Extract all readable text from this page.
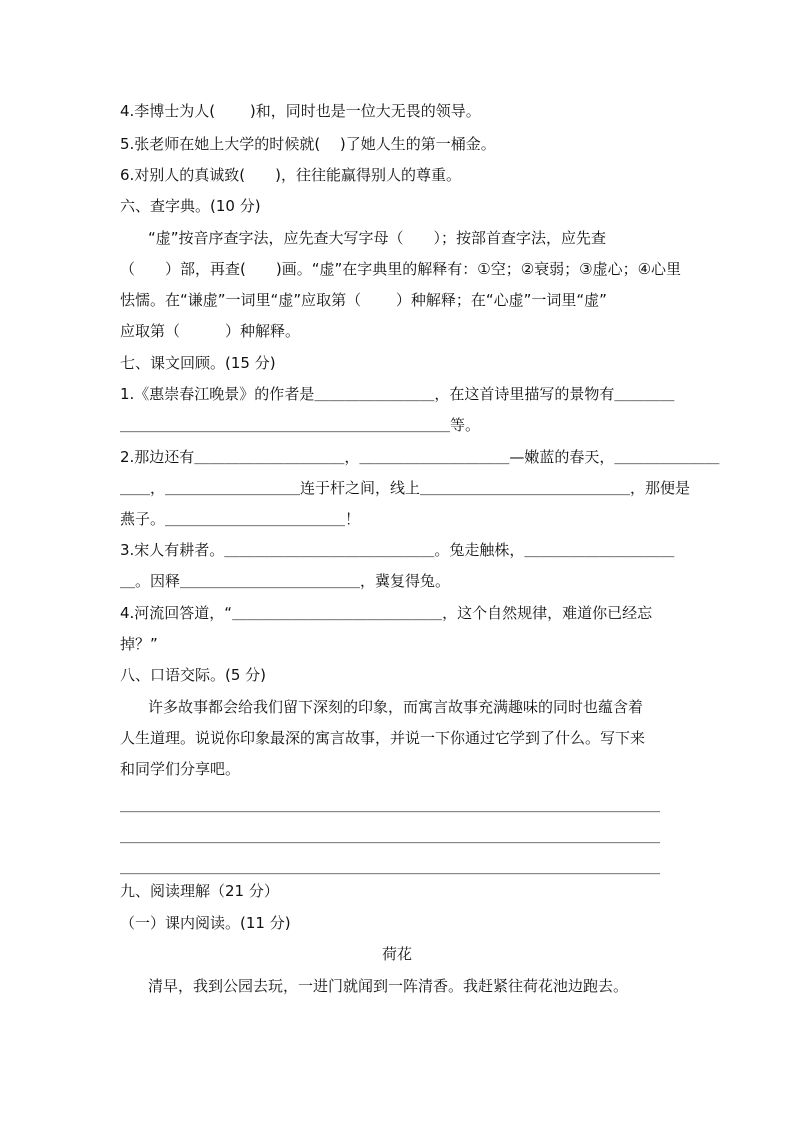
4.李博士为人(　　 )和，同时也是一位大无畏的领导。
5.张老师在她上大学的时候就(　 )了她人生的第一桶金。
6.对别人的真诚致(　　)，往往能赢得别人的尊重。
六、查字典。(10 分)
“虚”按音序查字法，应先查大写字母（　　）；按部首查字法，应先查
（　　）部，再查(　　)画。“虚”在字典里的解释有：①空；②衰弱；③虚心；④心里
怯懦。在“谦虚”一词里“虚”应取第（　　 ）种解释；在“心虚”一词里“虚”
应取第（　　　）种解释。
七、课文回顾。(15 分)
1.《惠崇春江晚景》的作者是＿＿＿＿＿＿＿＿，在这首诗里描写的景物有＿＿＿＿
＿＿＿＿＿＿＿＿＿＿＿＿＿＿＿＿＿＿＿＿＿＿等。
2.那边还有＿＿＿＿＿＿＿＿＿＿，＿＿＿＿＿＿＿＿＿＿—嫩蓝的春天，＿＿＿＿＿＿＿
＿＿，＿＿＿＿＿＿＿＿＿连于杆之间，线上＿＿＿＿＿＿＿＿＿＿＿＿＿＿，那便是
燕子。＿＿＿＿＿＿＿＿＿＿＿＿！
3.宋人有耕者。＿＿＿＿＿＿＿＿＿＿＿＿＿＿。兔走触株，＿＿＿＿＿＿＿＿＿＿
＿。因释＿＿＿＿＿＿＿＿＿＿＿＿，冀复得兔。
4.河流回答道，“＿＿＿＿＿＿＿＿＿＿＿＿＿＿，这个自然规律，难道你已经忘
掉？”
八、口语交际。(5 分)
许多故事都会给我们留下深刻的印象，而寓言故事充满趣味的同时也蕴含着
人生道理。说说你印象最深的寓言故事，并说一下你通过它学到了什么。写下来
和同学们分享吧。
＿＿＿＿＿＿＿＿＿＿＿＿＿＿＿＿＿＿＿＿＿＿＿＿＿＿＿＿＿＿＿＿＿＿＿＿
＿＿＿＿＿＿＿＿＿＿＿＿＿＿＿＿＿＿＿＿＿＿＿＿＿＿＿＿＿＿＿＿＿＿＿＿
＿＿＿＿＿＿＿＿＿＿＿＿＿＿＿＿＿＿＿＿＿＿＿＿＿＿＿＿＿＿＿＿＿＿＿＿
九、阅读理解（21 分）
（一）课内阅读。(11 分)
荷花
清早，我到公园去玩，一进门就闻到一阵清香。我赶紧往荷花池边跑去。
